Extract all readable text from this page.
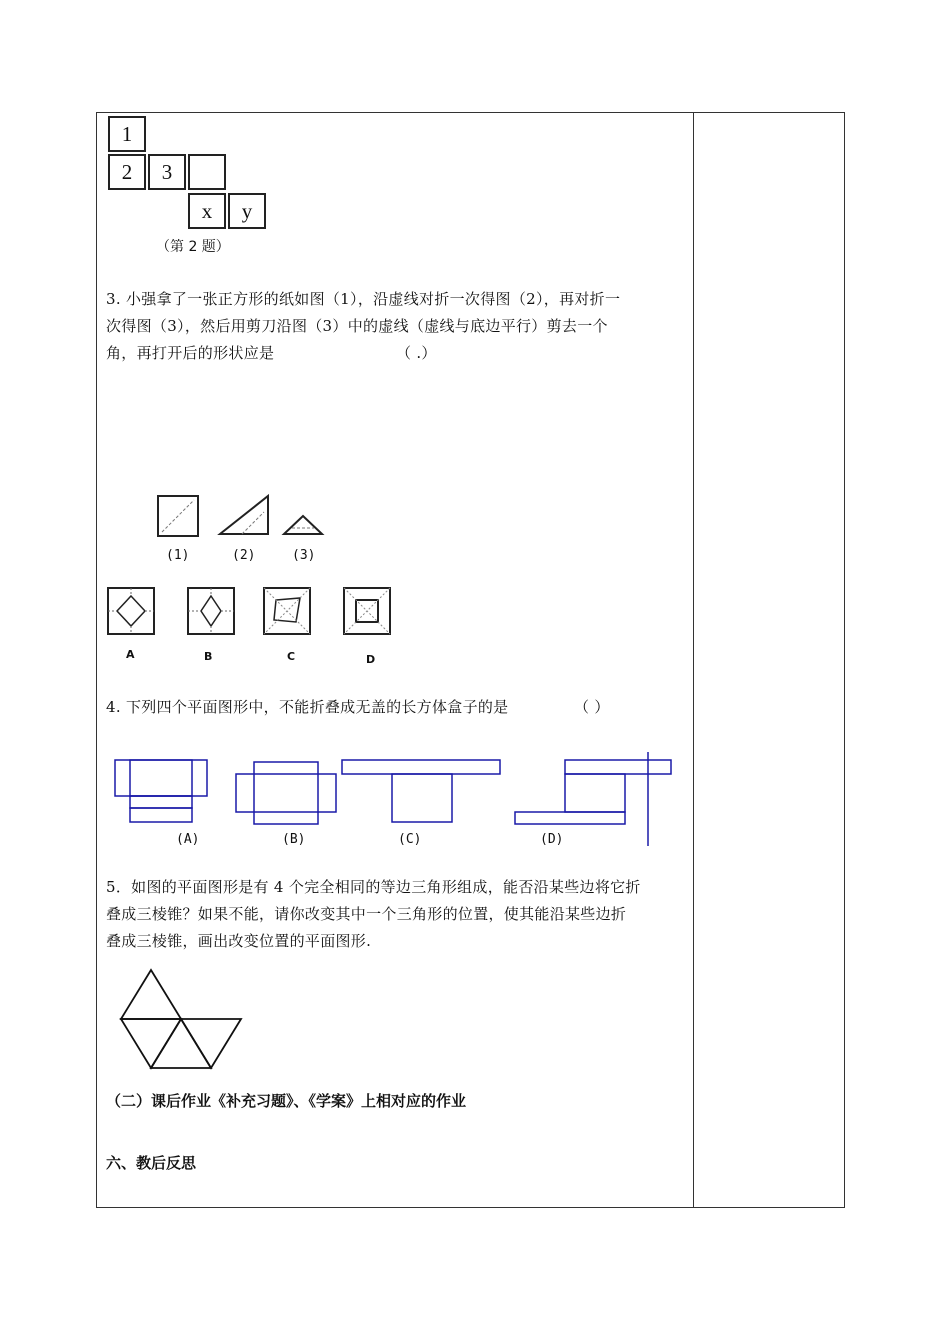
1
2	3
x	y
（第 2 题）
3. 小强拿了一张正方形的纸如图（1），沿虚线对折一次得图（2），再对折一
次得图（3），然后用剪刀沿图（3）中的虚线（虚线与底边平行）剪去一个
角，再打开后的形状应是	（ .）
(1)	(2)	(3)
A	B	C	D
4. 下列四个平面图形中，不能折叠成无盖的长方体盒子的是	（ ）
(A)	(B)	(C)	(D)
5．如图的平面图形是有 4 个完全相同的等边三角形组成，能否沿某些边将它折
叠成三棱锥？如果不能，请你改变其中一个三角形的位置，使其能沿某些边折
叠成三棱锥，画出改变位置的平面图形.
（二）课后作业《补充习题》、《学案》上相对应的作业
六、教后反思
